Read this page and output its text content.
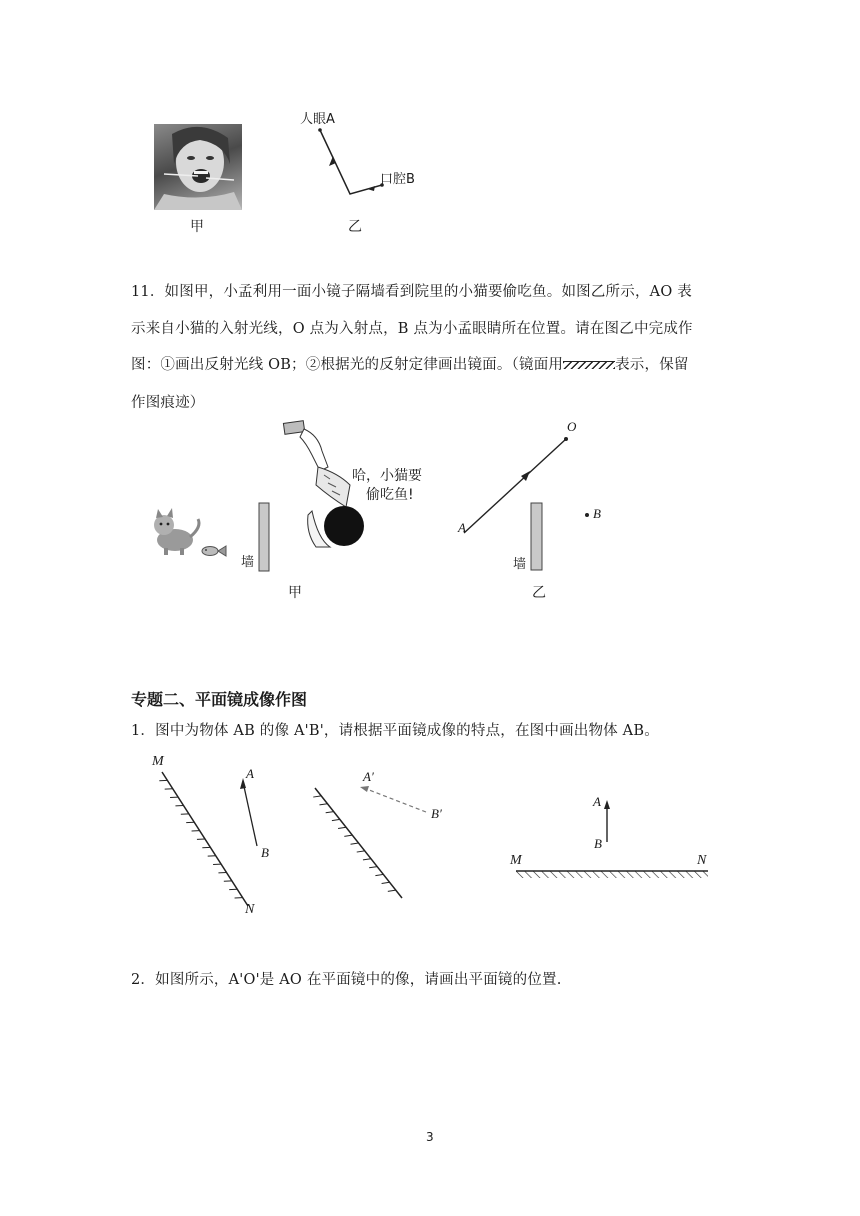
甲
人眼A
口腔B
乙
11．如图甲，小孟利用一面小镜子隔墙看到院里的小猫要偷吃鱼。如图乙所示，AO 表
示来自小猫的入射光线，O 点为入射点，B 点为小孟眼睛所在位置。请在图乙中完成作
图：①画出反射光线 OB；②根据光的反射定律画出镜面。（镜面用	表示，保留
作图痕迹）
哈，小猫要
偷吃鱼!
墙
甲
O
A
B
墙
乙
专题二、平面镜成像作图
1．图中为物体 AB 的像 A'B'，请根据平面镜成像的特点，在图中画出物体 AB。
M
N
A
B
A′
B′
A
B
M	N
2．如图所示，A'O'是 AO 在平面镜中的像，请画出平面镜的位置.
3
